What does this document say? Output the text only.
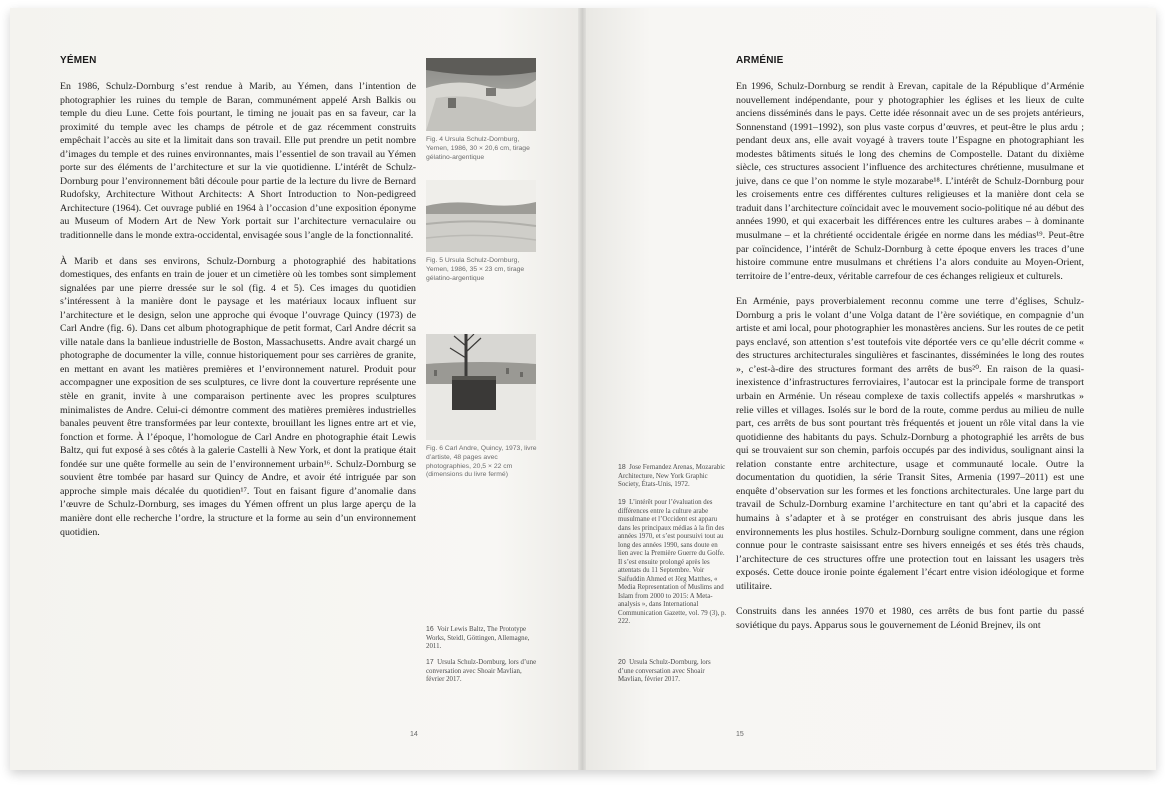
YÉMEN

En 1986, Schulz-Dornburg s’est rendue à Marib, au Yémen, dans l’intention de photographier les ruines du temple de Baran, communément appelé Arsh Balkis ou temple du dieu Lune. Cette fois pourtant, le timing ne jouait pas en sa faveur, car la proximité du temple avec les champs de pétrole et de gaz récemment construits empêchait l’accès au site et la limitait dans son travail. Elle put prendre un petit nombre d’images du temple et des ruines environnantes, mais l’essentiel de son travail au Yémen porte sur des éléments de l’architecture et sur la vie quotidienne. L’intérêt de Schulz-Dornburg pour l’environnement bâti découle pour partie de la lecture du livre de Bernard Rudofsky, Architecture Without Architects: A Short Introduction to Non-pedigreed Architecture (1964). Cet ouvrage publié en 1964 à l’occasion d’une exposition éponyme au Museum of Modern Art de New York portait sur l’architecture vernaculaire ou traditionnelle dans le monde extra-occidental, envisagée sous l’angle de la fonctionnalité.

À Marib et dans ses environs, Schulz-Dornburg a photographié des habitations domestiques, des enfants en train de jouer et un cimetière où les tombes sont simplement signalées par une pierre dressée sur le sol (fig. 4 et 5). Ces images du quotidien s’intéressent à la manière dont le paysage et les matériaux locaux influent sur l’architecture et le design, selon une approche qui évoque l’ouvrage Quincy (1973) de Carl Andre (fig. 6). Dans cet album photographique de petit format, Carl Andre décrit sa ville natale dans la banlieue industrielle de Boston, Massachusetts. Andre avait chargé un photographe de documenter la ville, connue historiquement pour ses carrières de granite, en mettant en avant les matières premières et l’environnement naturel. Produit pour accompagner une exposition de ses sculptures, ce livre dont la couverture représente une stèle en granit, invite à une comparaison pertinente avec les propres sculptures minimalistes de Andre. Celui-ci démontre comment des matières premières industrielles banales peuvent être transformées par leur contexte, brouillant les lignes entre art et vie, fonction et forme. À l’époque, l’homologue de Carl Andre en photographie était Lewis Baltz, qui fut exposé à ses côtés à la galerie Castelli à New York, et dont la pratique était fondée sur une quête formelle au sein de l’environnement urbain¹⁶. Schulz-Dornburg se souvient être tombée par hasard sur Quincy de Andre, et avoir été intriguée par son approche simple mais décalée du quotidien¹⁷. Tout en faisant figure d’anomalie dans l’œuvre de Schulz-Dornburg, ses images du Yémen offrent un plus large aperçu de la manière dont elle recherche l’ordre, la structure et la forme au sein d’un environnement quotidien.

Fig. 4 Ursula Schulz-Dornburg, Yemen, 1986, 30 × 20,6 cm, tirage gélatino-argentique
Fig. 5 Ursula Schulz-Dornburg, Yemen, 1986, 35 × 23 cm, tirage gélatino-argentique
Fig. 6 Carl Andre, Quincy, 1973, livre d’artiste, 48 pages avec photographies, 20,5 × 22 cm (dimensions du livre fermé)
16 Voir Lewis Baltz, The Prototype Works, Steidl, Göttingen, Allemagne, 2011.
17 Ursula Schulz-Dornburg, lors d’une conversation avec Shoair Mavlian, février 2017.
14
ARMÉNIE

En 1996, Schulz-Dornburg se rendit à Erevan, capitale de la République d’Arménie nouvellement indépendante, pour y photographier les églises et les lieux de culte anciens disséminés dans le pays. Cette idée résonnait avec un de ses projets antérieurs, Sonnenstand (1991–1992), son plus vaste corpus d’œuvres, et peut-être le plus ardu ; pendant deux ans, elle avait voyagé à travers toute l’Espagne en photographiant les modestes bâtiments situés le long des chemins de Compostelle. Datant du dixième siècle, ces structures associent l’influence des architectures chrétienne, musulmane et juive, dans ce que l’on nomme le style mozarabe¹⁸. L’intérêt de Schulz-Dornburg pour les croisements entre ces différentes cultures religieuses et la manière dont cela se traduit dans l’architecture coïncidait avec le mouvement socio-politique né au début des années 1990, et qui exacerbait les différences entre les cultures arabes – à dominante musulmane – et la chrétienté occidentale érigée en norme dans les médias¹⁹. Peut-être par coïncidence, l’intérêt de Schulz-Dornburg à cette époque envers les traces d’une histoire commune entre musulmans et chrétiens l’a alors conduite au Moyen-Orient, territoire de l’entre-deux, véritable carrefour de ces échanges religieux et culturels.

En Arménie, pays proverbialement reconnu comme une terre d’églises, Schulz-Dornburg a pris le volant d’une Volga datant de l’ère soviétique, en compagnie d’un artiste et ami local, pour photographier les monastères anciens. Sur les routes de ce petit pays enclavé, son attention s’est toutefois vite déportée vers ce qu’elle décrit comme « des structures architecturales singulières et fascinantes, disséminées le long des routes », c’est-à-dire des structures formant des arrêts de bus²⁰. En raison de la quasi-inexistence d’infrastructures ferroviaires, l’autocar est la principale forme de transport urbain en Arménie. Un réseau complexe de taxis collectifs appelés « marshrutkas » relie villes et villages. Isolés sur le bord de la route, comme perdus au milieu de nulle part, ces arrêts de bus sont pourtant très fréquentés et jouent un rôle vital dans la vie quotidienne des habitants du pays. Schulz-Dornburg a photographié les arrêts de bus qui se trouvaient sur son chemin, parfois occupés par des individus, soulignant ainsi la relation constante entre architecture, usage et communauté locale. Outre la documentation du quotidien, la série Transit Sites, Armenia (1997–2011) est une enquête d’observation sur les formes et les fonctions architecturales. Une large part du travail de Schulz-Dornburg examine l’architecture en tant qu’abri et la capacité des humains à s’adapter et à se protéger en construisant des abris jusque dans les environnements les plus hostiles. Schulz-Dornburg souligne comment, dans une région connue pour le contraste saisissant entre ses hivers enneigés et ses étés très chauds, l’architecture de ces structures offre une protection tout en laissant les usagers très exposés. Cette douce ironie pointe également l’écart entre vision idéologique et forme utilitaire.

Construits dans les années 1970 et 1980, ces arrêts de bus font partie du passé soviétique du pays. Apparus sous le gouvernement de Léonid Brejnev, ils ont

18 Jose Fernandez Arenas, Mozarabic Architecture, New York Graphic Society, États-Unis, 1972.
19 L’intérêt pour l’évaluation des différences entre la culture arabe musulmane et l’Occident est apparu dans les principaux médias à la fin des années 1970, et s’est poursuivi tout au long des années 1990, sans doute en lien avec la Première Guerre du Golfe. Il s’est ensuite prolongé après les attentats du 11 Septembre. Voir Saifuddin Ahmed et Jörg Matthes, « Media Representation of Muslims and Islam from 2000 to 2015: A Meta-analysis », dans International Communication Gazette, vol. 79 (3), p. 222.
20 Ursula Schulz-Dornburg, lors d’une conversation avec Shoair Mavlian, février 2017.
15
